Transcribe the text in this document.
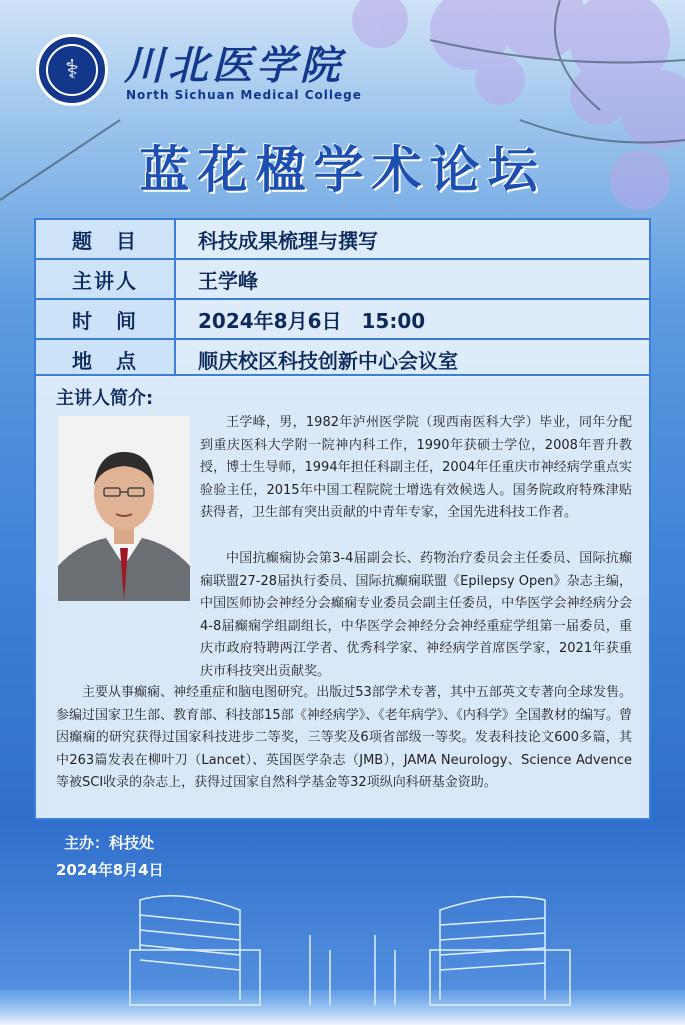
⚕	川北医学院
North Sichuan Medical College
蓝花楹学术论坛
题　目	科技成果梳理与撰写
主讲人	王学峰
时　间	2024年8月6日　15:00
地　点	顺庆校区科技创新中心会议室
主讲人简介:
王学峰，男，1982年泸州医学院（现西南医科大学）毕业，同年分配到重庆医科大学附一院神内科工作，1990年获硕士学位，2008年晋升教授，博士生导师，1994年担任科副主任，2004年任重庆市神经病学重点实验验主任，2015年中国工程院院士增选有效候选人。国务院政府特殊津贴获得者，卫生部有突出贡献的中青年专家，全国先进科技工作者。
中国抗癫痫协会第3-4届副会长、药物治疗委员会主任委员、国际抗癫痫联盟27-28届执行委员、国际抗癫痫联盟《Epilepsy Open》杂志主编，中国医师协会神经分会癫痫专业委员会副主任委员，中华医学会神经病分会4-8届癫痫学组副组长，中华医学会神经分会神经重症学组第一届委员，重庆市政府特聘两江学者、优秀科学家、神经病学首席医学家，2021年获重庆市科技突出贡献奖。
主要从事癫痫、神经重症和脑电图研究。出版过53部学术专著，其中五部英文专著向全球发售。参编过国家卫生部、教育部、科技部15部《神经病学》、《老年病学》、《内科学》全国教材的编写。曾因癫痫的研究获得过国家科技进步二等奖，三等奖及6项省部级一等奖。发表科技论文600多篇，其中263篇发表在柳叶刀（Lancet）、英国医学杂志（JMB），JAMA Neurology、Science Advence等被SCI收录的杂志上，获得过国家自然科学基金等32项纵向科研基金资助。
主办：科技处
2024年8月4日
